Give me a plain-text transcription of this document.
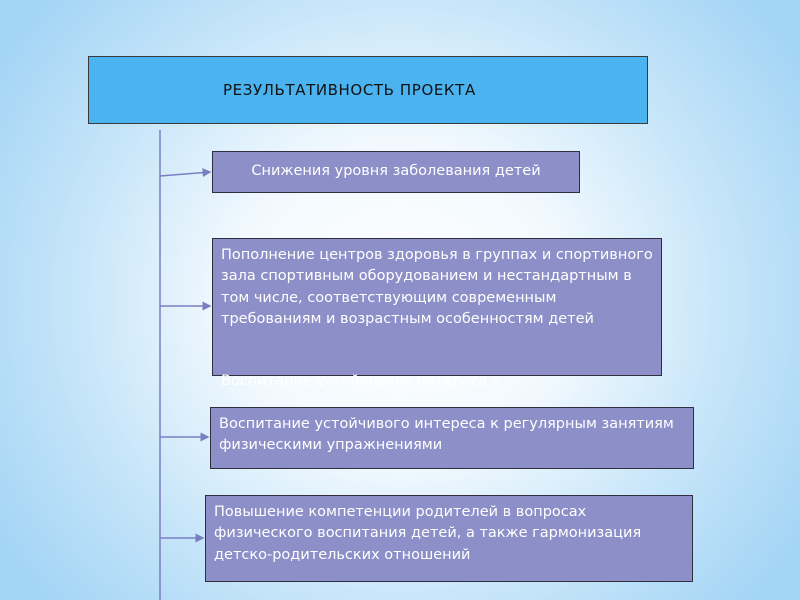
РЕЗУЛЬТАТИВНОСТЬ ПРОЕКТА
Снижения уровня заболевания детей
Пополнение центров здоровья в группах и спортивного зала спортивным оборудованием и нестандартным в том числе, соответствующим современным требованиям и возрастным особенностям детей
Воспитание устойчивого интереса к
Воспитание устойчивого интереса к регулярным занятиям физическими упражнениями
Повышение компетенции родителей в вопросах физического воспитания детей, а также гармонизация детско-родительских отношений
